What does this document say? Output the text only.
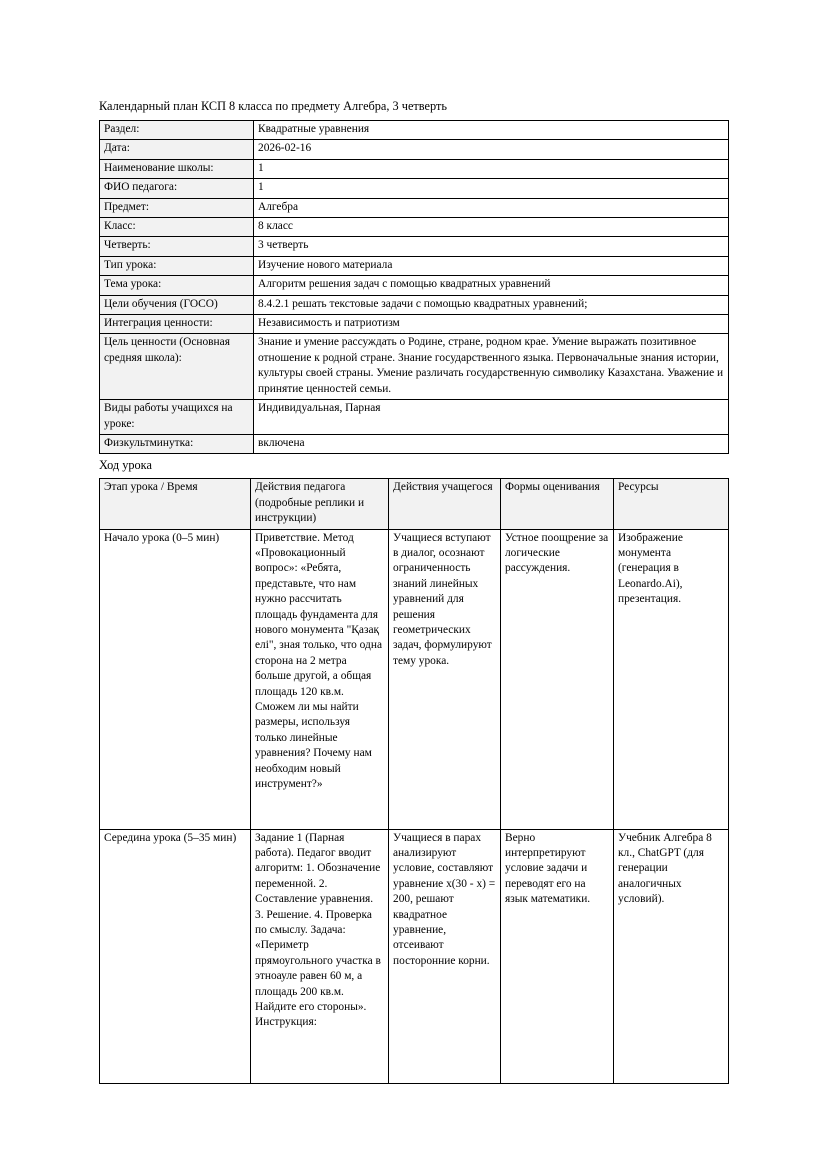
Календарный план КСП 8 класса по предмету Алгебра, 3 четверть

Раздел:	Квадратные уравнения
Дата:	2026-02-16
Наименование школы:	1
ФИО педагога:	1
Предмет:	Алгебра
Класс:	8 класс
Четверть:	3 четверть
Тип урока:	Изучение нового материала
Тема урока:	Алгоритм решения задач с помощью квадратных уравнений
Цели обучения (ГОСО)	8.4.2.1 решать текстовые задачи с помощью квадратных уравнений;
Интеграция ценности:	Независимость и патриотизм
Цель ценности (Основная средняя школа):	Знание и умение рассуждать о Родине, стране, родном крае. Умение выражать позитивное отношение к родной стране. Знание государственного языка. Первоначальные знания истории, культуры своей страны. Умение различать государственную символику Казахстана. Уважение и принятие ценностей семьи.
Виды работы учащихся на уроке:	Индивидуальная, Парная
Физкультминутка:	включена

Ход урока

Этап урока / Время	Действия педагога (подробные реплики и инструкции)	Действия учащегося	Формы оценивания	Ресурсы
Начало урока (0–5 мин)	Приветствие. Метод «Провокационный вопрос»: «Ребята, представьте, что нам нужно рассчитать площадь фундамента для нового монумента "Қазақ елі", зная только, что одна сторона на 2 метра больше другой, а общая площадь 120 кв.м. Сможем ли мы найти размеры, используя только линейные уравнения? Почему нам необходим новый инструмент?»	Учащиеся вступают в диалог, осознают ограниченность знаний линейных уравнений для решения геометрических задач, формулируют тему урока.	Устное поощрение за логические рассуждения.	Изображение монумента (генерация в Leonardo.Ai), презентация.
Середина урока (5–35 мин)	Задание 1 (Парная работа). Педагог вводит алгоритм: 1. Обозначение переменной. 2. Составление уравнения. 3. Решение. 4. Проверка по смыслу. Задача: «Периметр прямоугольного участка в этноауле равен 60 м, а площадь 200 кв.м. Найдите его стороны». Инструкция:	Учащиеся в парах анализируют условие, составляют уравнение x(30 - x) = 200, решают квадратное уравнение, отсеивают посторонние корни.	Верно интерпретируют условие задачи и переводят его на язык математики.	Учебник Алгебра 8 кл., ChatGPT (для генерации аналогичных условий).
